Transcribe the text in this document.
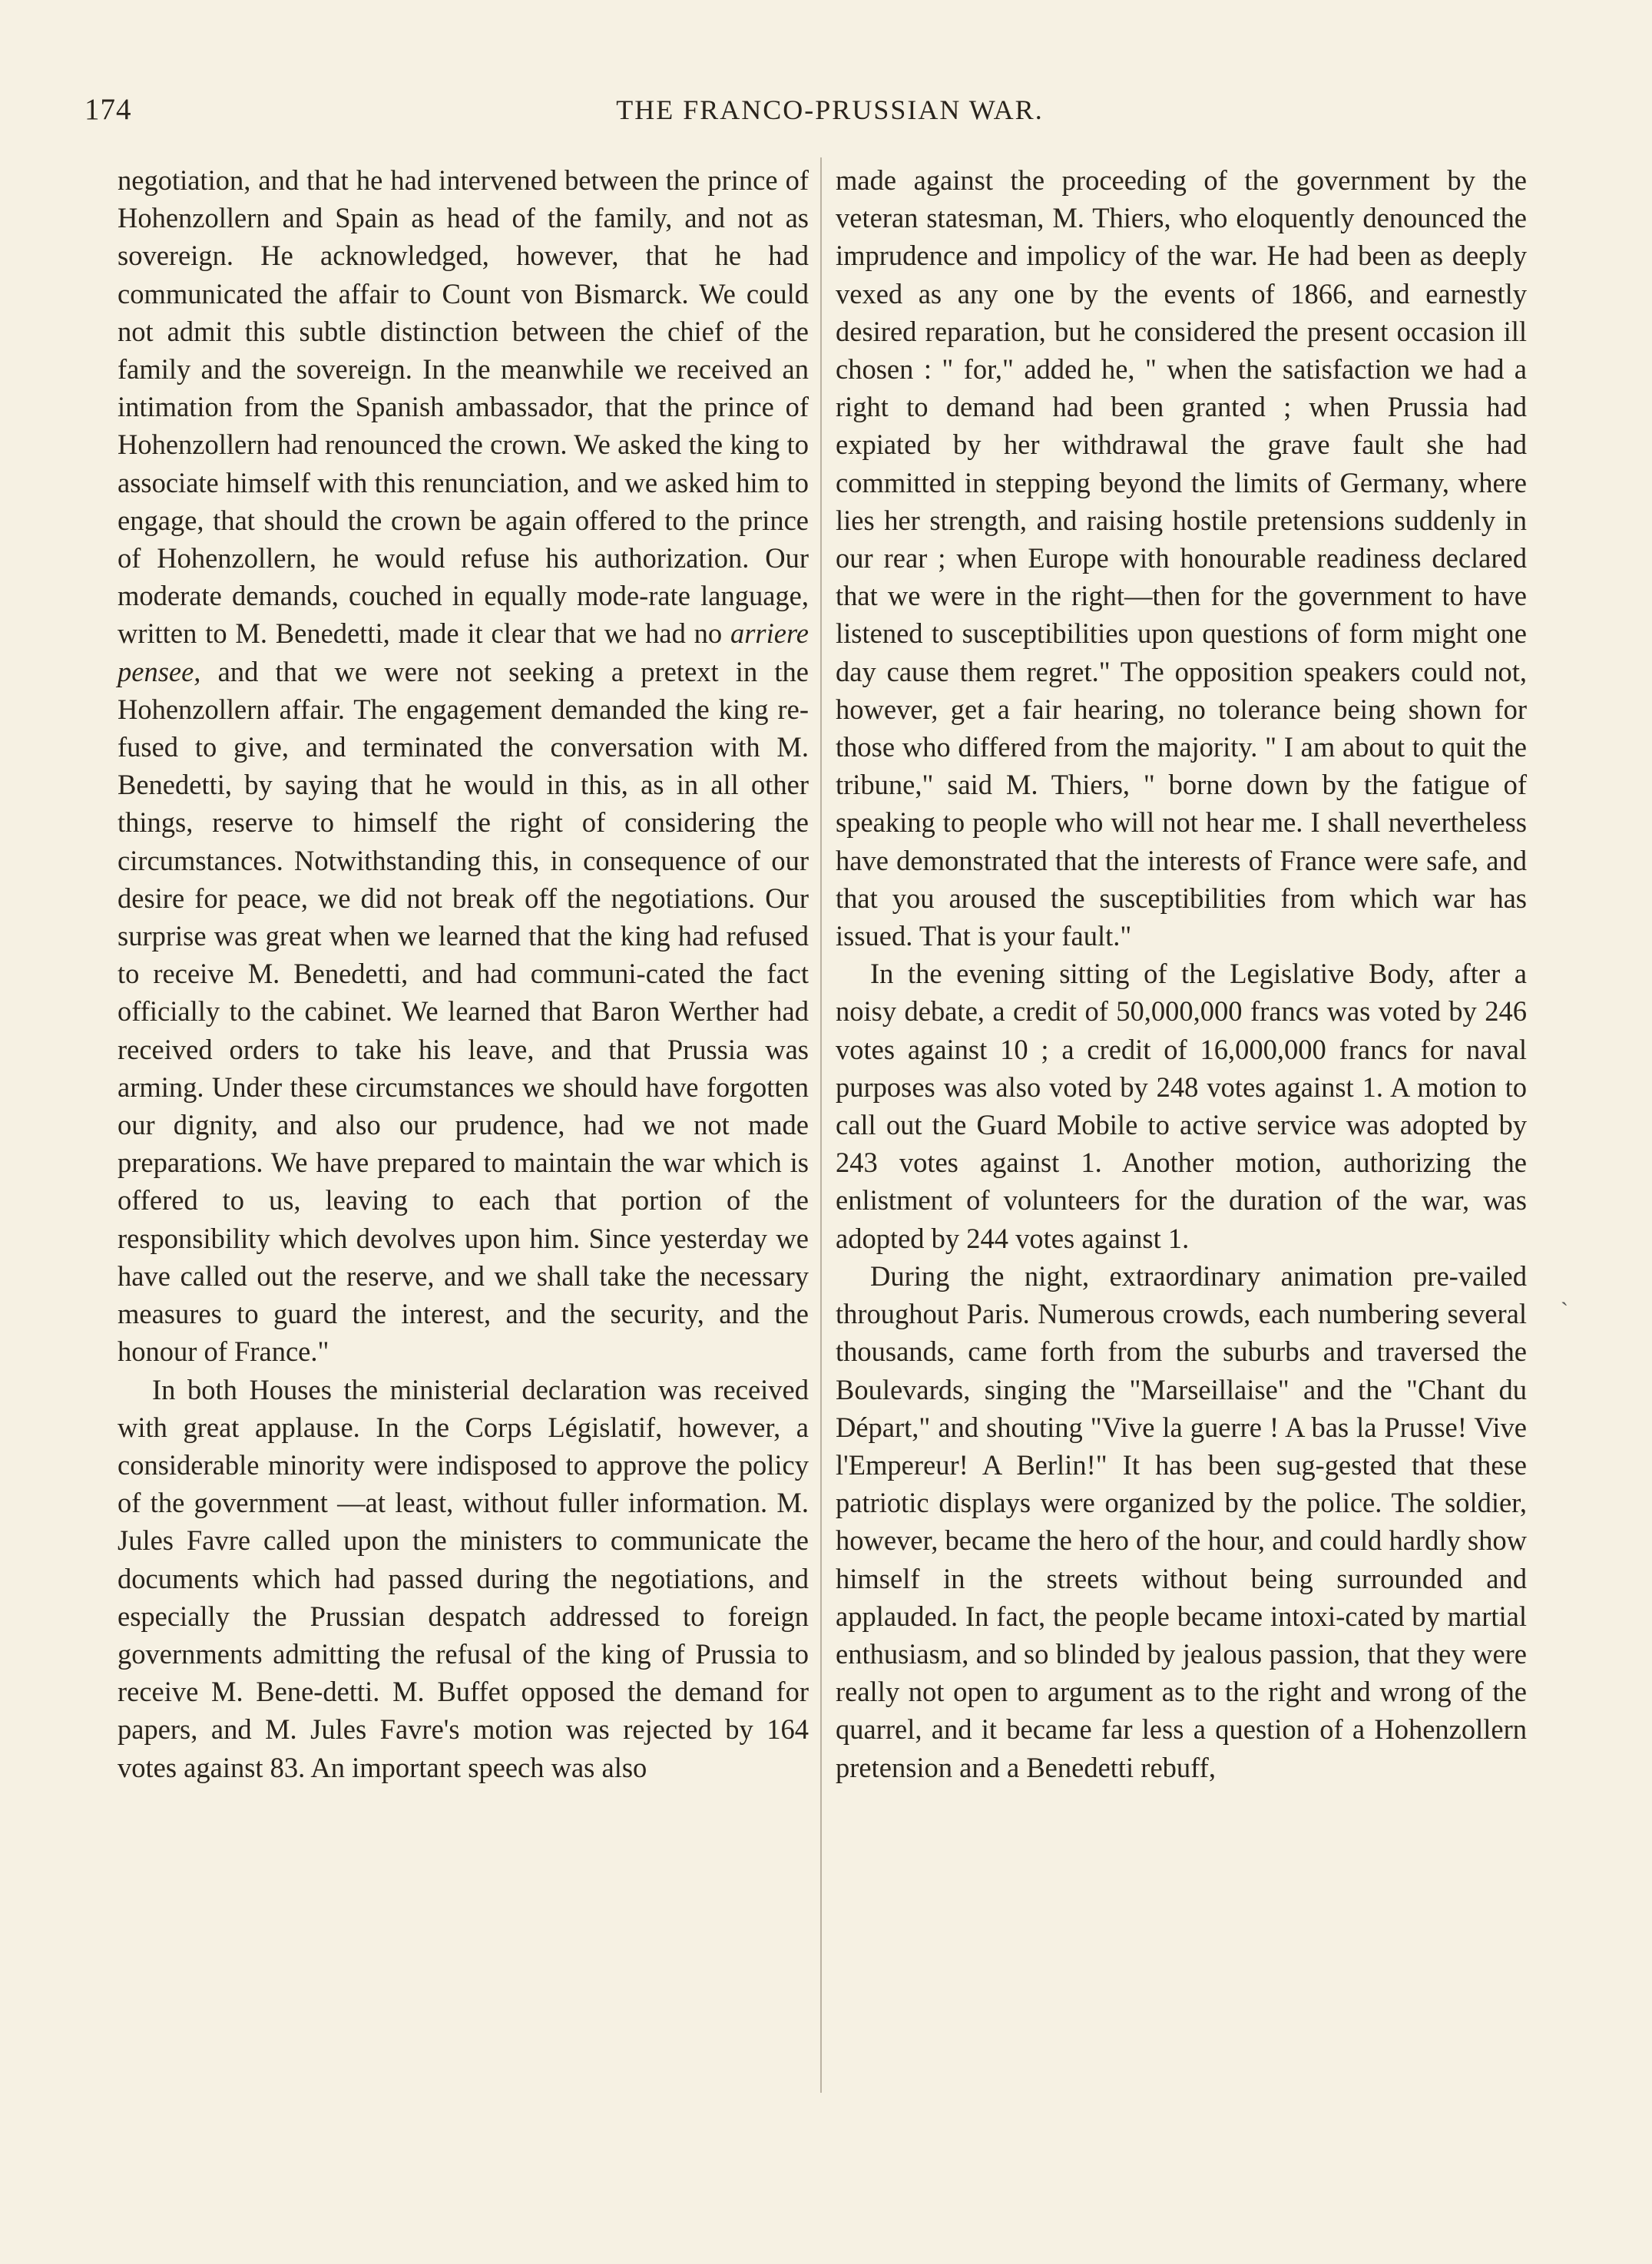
174	THE FRANCO-PRUSSIAN WAR.

negotiation, and that he had intervened between the prince of Hohenzollern and Spain as head of the family, and not as sovereign. He acknowledged, however, that he had communicated the affair to Count von Bismarck. We could not admit this subtle distinction between the chief of the family and the sovereign. In the meanwhile we received an intimation from the Spanish ambassador, that the prince of Hohenzollern had renounced the crown. We asked the king to associate himself with this renunciation, and we asked him to engage, that should the crown be again offered to the prince of Hohenzollern, he would refuse his authorization. Our moderate demands, couched in equally mode-rate language, written to M. Benedetti, made it clear that we had no arriere pensee, and that we were not seeking a pretext in the Hohenzollern affair. The engagement demanded the king re-fused to give, and terminated the conversation with M. Benedetti, by saying that he would in this, as in all other things, reserve to himself the right of considering the circumstances. Notwithstanding this, in consequence of our desire for peace, we did not break off the negotiations. Our surprise was great when we learned that the king had refused to receive M. Benedetti, and had communi-cated the fact officially to the cabinet. We learned that Baron Werther had received orders to take his leave, and that Prussia was arming. Under these circumstances we should have forgotten our dignity, and also our prudence, had we not made preparations. We have prepared to maintain the war which is offered to us, leaving to each that portion of the responsibility which devolves upon him. Since yesterday we have called out the reserve, and we shall take the necessary measures to guard the interest, and the security, and the honour of France."

In both Houses the ministerial declaration was received with great applause. In the Corps Législatif, however, a considerable minority were indisposed to approve the policy of the government —at least, without fuller information. M. Jules Favre called upon the ministers to communicate the documents which had passed during the negotiations, and especially the Prussian despatch addressed to foreign governments admitting the refusal of the king of Prussia to receive M. Bene-detti. M. Buffet opposed the demand for papers, and M. Jules Favre's motion was rejected by 164 votes against 83. An important speech was also

made against the proceeding of the government by the veteran statesman, M. Thiers, who eloquently denounced the imprudence and impolicy of the war. He had been as deeply vexed as any one by the events of 1866, and earnestly desired reparation, but he considered the present occasion ill chosen : " for," added he, " when the satisfaction we had a right to demand had been granted ; when Prussia had expiated by her withdrawal the grave fault she had committed in stepping beyond the limits of Germany, where lies her strength, and raising hostile pretensions suddenly in our rear ; when Europe with honourable readiness declared that we were in the right—then for the government to have listened to susceptibilities upon questions of form might one day cause them regret." The opposition speakers could not, however, get a fair hearing, no tolerance being shown for those who differed from the majority. " I am about to quit the tribune," said M. Thiers, " borne down by the fatigue of speaking to people who will not hear me. I shall nevertheless have demonstrated that the interests of France were safe, and that you aroused the susceptibilities from which war has issued. That is your fault."

In the evening sitting of the Legislative Body, after a noisy debate, a credit of 50,000,000 francs was voted by 246 votes against 10 ; a credit of 16,000,000 francs for naval purposes was also voted by 248 votes against 1. A motion to call out the Guard Mobile to active service was adopted by 243 votes against 1. Another motion, authorizing the enlistment of volunteers for the duration of the war, was adopted by 244 votes against 1.

During the night, extraordinary animation pre-vailed throughout Paris. Numerous crowds, each numbering several thousands, came forth from the suburbs and traversed the Boulevards, singing the "Marseillaise" and the "Chant du Départ," and shouting "Vive la guerre ! A bas la Prusse! Vive l'Empereur! A Berlin!" It has been sug-gested that these patriotic displays were organized by the police. The soldier, however, became the hero of the hour, and could hardly show himself in the streets without being surrounded and applauded. In fact, the people became intoxi-cated by martial enthusiasm, and so blinded by jealous passion, that they were really not open to argument as to the right and wrong of the quarrel, and it became far less a question of a Hohenzollern pretension and a Benedetti rebuff,

`
